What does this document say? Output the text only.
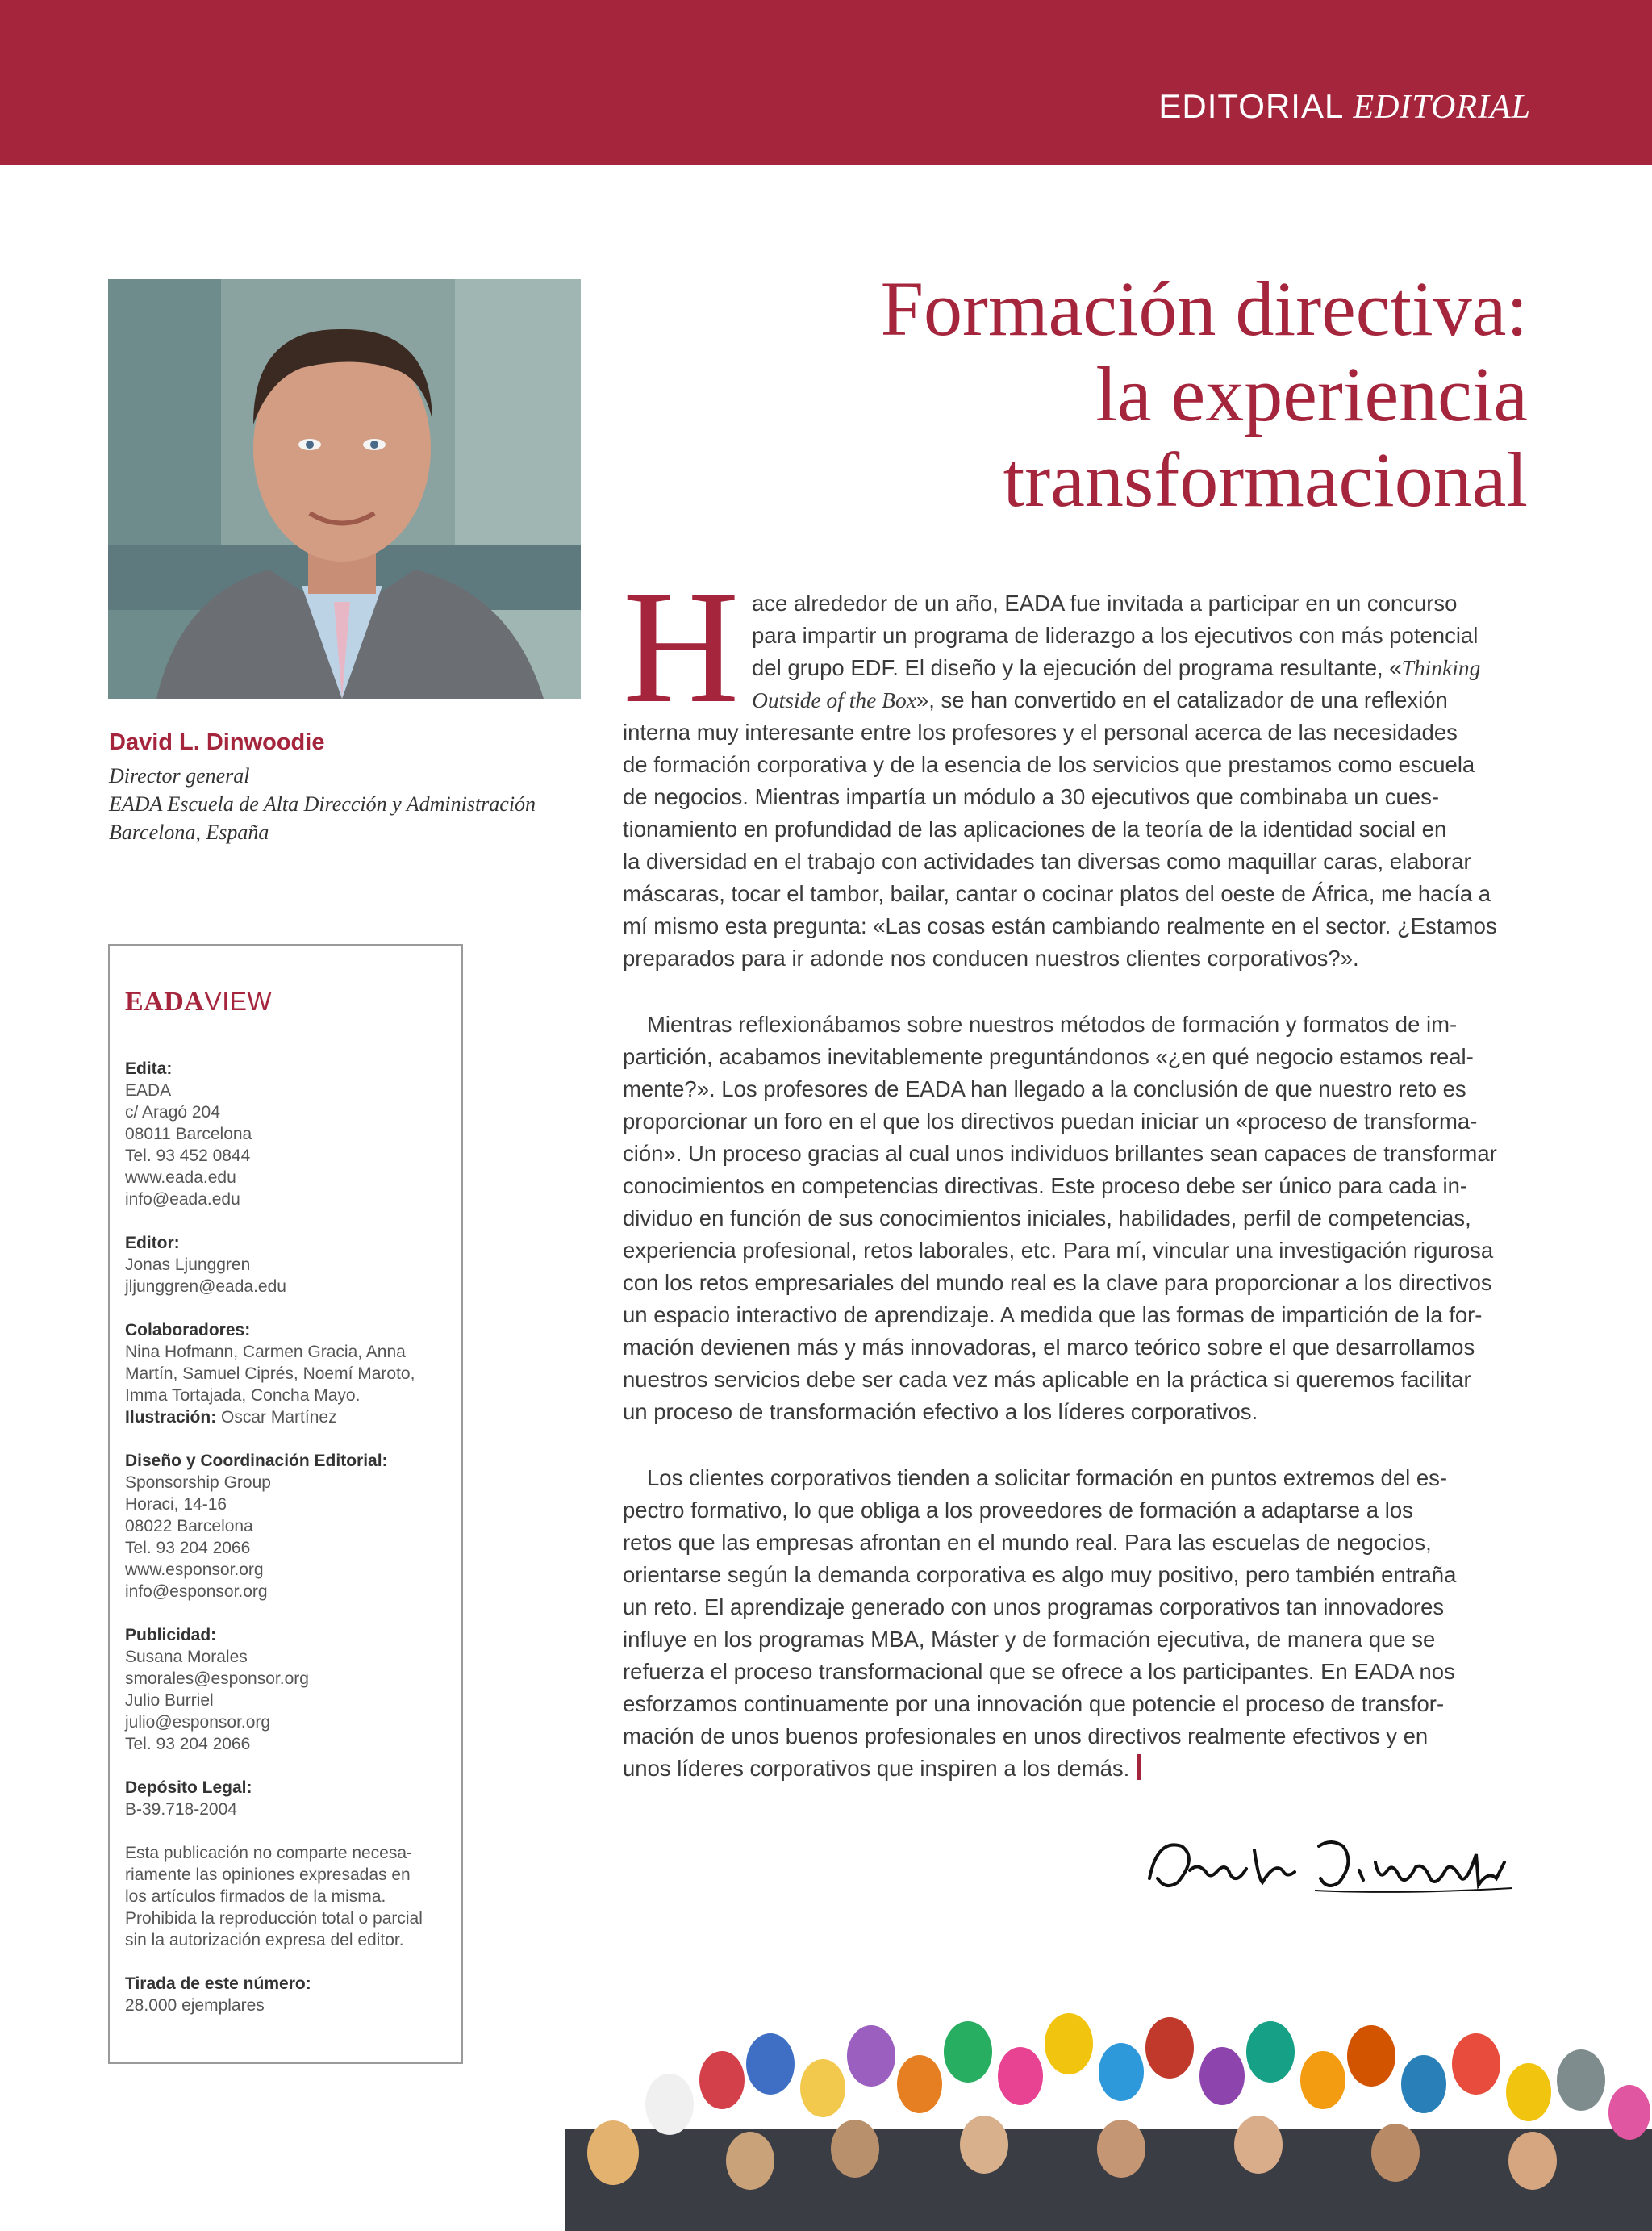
EDITORIAL EDITORIAL
David L. Dinwoodie
Director general
EADA Escuela de Alta Dirección y Administración
Barcelona, España
EADAVIEW
Edita:
EADA
c/ Aragó 204
08011 Barcelona
Tel. 93 452 0844
www.eada.edu
info@eada.edu
Editor:
Jonas Ljunggren
jljunggren@eada.edu
Colaboradores:
Nina Hofmann, Carmen Gracia, Anna
Martín, Samuel Ciprés, Noemí Maroto,
Imma Tortajada, Concha Mayo.
Ilustración: Oscar Martínez
Diseño y Coordinación Editorial:
Sponsorship Group
Horaci, 14-16
08022 Barcelona
Tel. 93 204 2066
www.esponsor.org
info@esponsor.org
Publicidad:
Susana Morales
smorales@esponsor.org
Julio Burriel
julio@esponsor.org
Tel. 93 204 2066
Depósito Legal:
B-39.718-2004
Esta publicación no comparte necesa-
riamente las opiniones expresadas en
los artículos firmados de la misma.
Prohibida la reproducción total o parcial
sin la autorización expresa del editor.
Tirada de este número:
28.000 ejemplares
Formación directiva:
la experiencia
transformacional
H ace alrededor de un año, EADA fue invitada a participar en un concurso
para impartir un programa de liderazgo a los ejecutivos con más potencial
del grupo EDF. El diseño y la ejecución del programa resultante, «Thinking
Outside of the Box», se han convertido en el catalizador de una reflexión
interna muy interesante entre los profesores y el personal acerca de las necesidades
de formación corporativa y de la esencia de los servicios que prestamos como escuela
de negocios. Mientras impartía un módulo a 30 ejecutivos que combinaba un cues-
tionamiento en profundidad de las aplicaciones de la teoría de la identidad social en
la diversidad en el trabajo con actividades tan diversas como maquillar caras, elaborar
máscaras, tocar el tambor, bailar, cantar o cocinar platos del oeste de África, me hacía a
mí mismo esta pregunta: «Las cosas están cambiando realmente en el sector. ¿Estamos
preparados para ir adonde nos conducen nuestros clientes corporativos?».
Mientras reflexionábamos sobre nuestros métodos de formación y formatos de im-
partición, acabamos inevitablemente preguntándonos «¿en qué negocio estamos real-
mente?». Los profesores de EADA han llegado a la conclusión de que nuestro reto es
proporcionar un foro en el que los directivos puedan iniciar un «proceso de transforma-
ción». Un proceso gracias al cual unos individuos brillantes sean capaces de transformar
conocimientos en competencias directivas. Este proceso debe ser único para cada in-
dividuo en función de sus conocimientos iniciales, habilidades, perfil de competencias,
experiencia profesional, retos laborales, etc. Para mí, vincular una investigación rigurosa
con los retos empresariales del mundo real es la clave para proporcionar a los directivos
un espacio interactivo de aprendizaje. A medida que las formas de impartición de la for-
mación devienen más y más innovadoras, el marco teórico sobre el que desarrollamos
nuestros servicios debe ser cada vez más aplicable en la práctica si queremos facilitar
un proceso de transformación efectivo a los líderes corporativos.
Los clientes corporativos tienden a solicitar formación en puntos extremos del es-
pectro formativo, lo que obliga a los proveedores de formación a adaptarse a los
retos que las empresas afrontan en el mundo real. Para las escuelas de negocios,
orientarse según la demanda corporativa es algo muy positivo, pero también entraña
un reto. El aprendizaje generado con unos programas corporativos tan innovadores
influye en los programas MBA, Máster y de formación ejecutiva, de manera que se
refuerza el proceso transformacional que se ofrece a los participantes. En EADA nos
esforzamos continuamente por una innovación que potencie el proceso de transfor-
mación de unos buenos profesionales en unos directivos realmente efectivos y en
unos líderes corporativos que inspiren a los demás.
